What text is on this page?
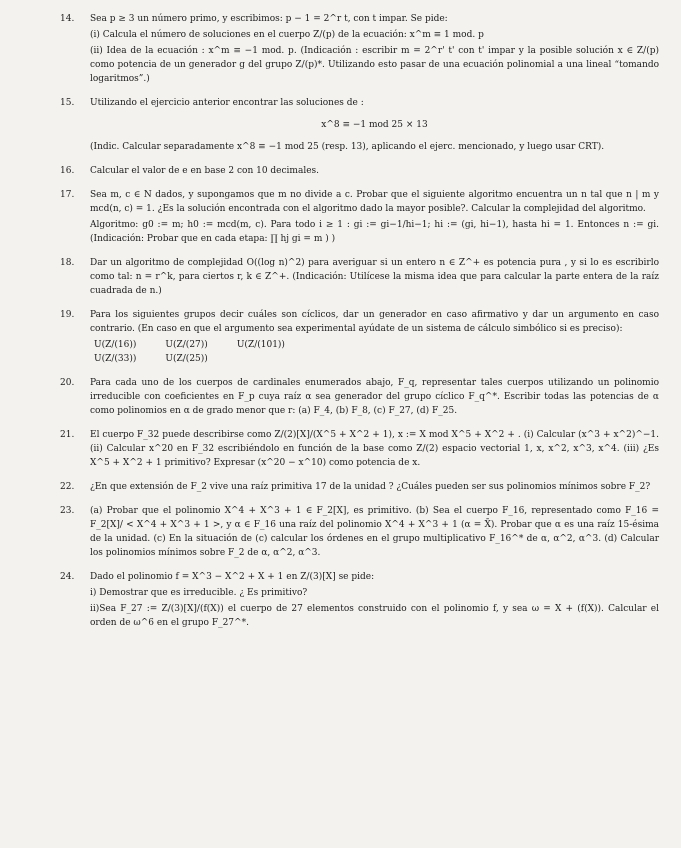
14. Sea p ≥ 3 un número primo, y escribimos: p − 1 = 2^r t, con t impar. Se pide:

(i) Calcula el número de soluciones en el cuerpo Z/(p) de la ecuación: x^m ≡ 1 mod. p

(ii) Idea de la ecuación : x^m ≡ −1 mod. p. (Indicación : escribir m = 2^r' t' con t' impar y la posible solución x ∈ Z/(p) como potencia de un generador g del grupo Z/(p)*. Utilizando esto pasar de una ecuación polinomial a una lineal “tomando logaritmos”.)

15. Utilizando el ejercicio anterior encontrar las soluciones de :

x^8 ≡ −1 mod 25 × 13

(Indic. Calcular separadamente x^8 ≡ −1 mod 25 (resp. 13), aplicando el ejerc. mencionado, y luego usar CRT).

16. Calcular el valor de e en base 2 con 10 decimales.

17. Sea m, c ∈ N dados, y supongamos que m no divide a c. Probar que el siguiente algoritmo encuentra un n tal que n | m y mcd(n, c) = 1. ¿Es la solución encontrada con el algoritmo dado la mayor posible?. Calcular la complejidad del algoritmo.

Algoritmo: g0 := m; h0 := mcd(m, c). Para todo i ≥ 1 : gi := gi−1/hi−1; hi := (gi, hi−1), hasta hi = 1. Entonces n := gi. (Indicación: Probar que en cada etapa: ∏ hj gi = m ) )

18. Dar un algoritmo de complejidad O((log n)^2) para averiguar si un entero n ∈ Z^+ es potencia pura , y si lo es escribirlo como tal: n = r^k, para ciertos r, k ∈ Z^+. (Indicación: Utilícese la misma idea que para calcular la parte entera de la raíz cuadrada de n.)

19. Para los siguientes grupos decir cuáles son cíclicos, dar un generador en caso afirmativo y dar un argumento en caso contrario. (En caso en que el argumento sea experimental ayúdate de un sistema de cálculo simbólico si es preciso):

U(Z/(16))	U(Z/(27))	U(Z/(101))
U(Z/(33))	U(Z/(25))
20. Para cada uno de los cuerpos de cardinales enumerados abajo, F_q, representar tales cuerpos utilizando un polinomio irreducible con coeficientes en F_p cuya raíz α sea generador del grupo cíclico F_q^*. Escribir todas las potencias de α como polinomios en α de grado menor que r: (a) F_4, (b) F_8, (c) F_27, (d) F_25.

21. El cuerpo F_32 puede describirse como Z/(2)[X]/(X^5 + X^2 + 1), x := X mod X^5 + X^2 + . (i) Calcular (x^3 + x^2)^−1. (ii) Calcular x^20 en F_32 escribiéndolo en función de la base como Z/(2) espacio vectorial 1, x, x^2, x^3, x^4. (iii) ¿Es X^5 + X^2 + 1 primitivo? Expresar (x^20 − x^10) como potencia de x.

22. ¿En que extensión de F_2 vive una raíz primitiva 17 de la unidad ? ¿Cuáles pueden ser sus polinomios mínimos sobre F_2?

23. (a) Probar que el polinomio X^4 + X^3 + 1 ∈ F_2[X], es primitivo. (b) Sea el cuerpo F_16, representado como F_16 = F_2[X]/ < X^4 + X^3 + 1 >, y α ∈ F_16 una raíz del polinomio X^4 + X^3 + 1 (α = X̄). Probar que α es una raíz 15-ésima de la unidad. (c) En la situación de (c) calcular los órdenes en el grupo multiplicativo F_16^* de α, α^2, α^3. (d) Calcular los polinomios mínimos sobre F_2 de α, α^2, α^3.

24. Dado el polinomio f = X^3 − X^2 + X + 1 en Z/(3)[X] se pide:

i) Demostrar que es irreducible. ¿ Es primitivo?

ii)Sea F_27 := Z/(3)[X]/(f(X)) el cuerpo de 27 elementos construido con el polinomio f, y sea ω = X + (f(X)). Calcular el orden de ω^6 en el grupo F_27^*.
